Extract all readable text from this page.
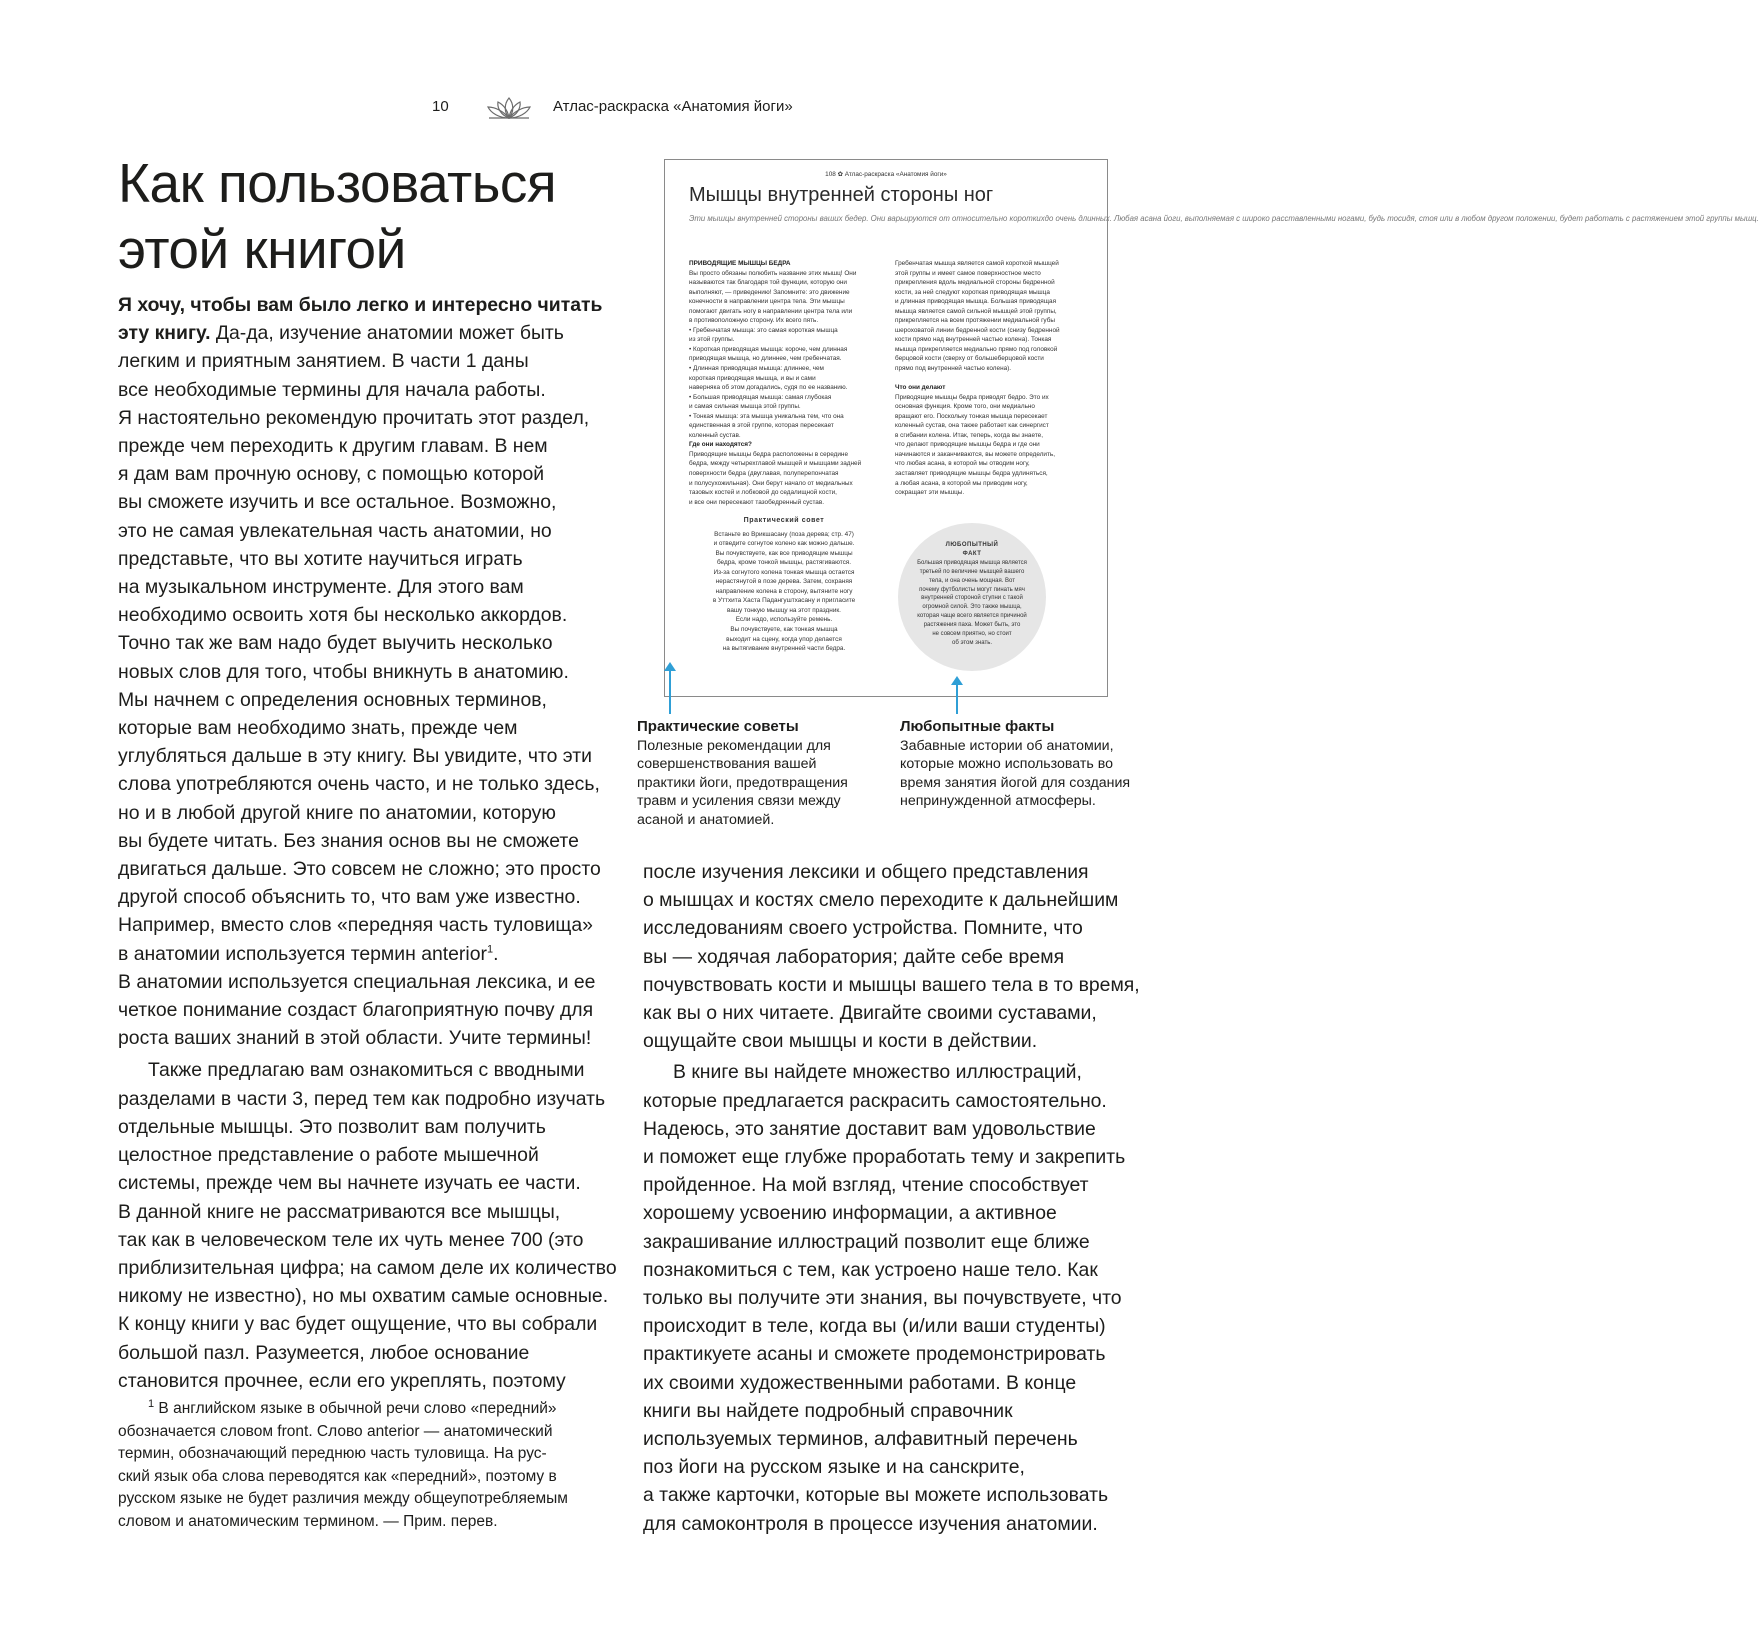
10	Атлас-раскраска «Анатомия йоги»
Как пользоваться
этой книгой

Я хочу, чтобы вам было легко и интересно читать
эту книгу. Да-да, изучение анатомии может быть
легким и приятным занятием. В части 1 даны
все необходимые термины для начала работы.
Я настоятельно рекомендую прочитать этот раздел,
прежде чем переходить к другим главам. В нем
я дам вам прочную основу, с помощью которой
вы сможете изучить и все остальное. Возможно,
это не самая увлекательная часть анатомии, но
представьте, что вы хотите научиться играть
на музыкальном инструменте. Для этого вам
необходимо освоить хотя бы несколько аккордов.
Точно так же вам надо будет выучить несколько
новых слов для того, чтобы вникнуть в анатомию.
Мы начнем с определения основных терминов,
которые вам необходимо знать, прежде чем
углубляться дальше в эту книгу. Вы увидите, что эти
слова употребляются очень часто, и не только здесь,
но и в любой другой книге по анатомии, которую
вы будете читать. Без знания основ вы не сможете
двигаться дальше. Это совсем не сложно; это просто
другой способ объяснить то, что вам уже известно.
Например, вместо слов «передняя часть туловища»
в анатомии используется термин anterior$^1$.
В анатомии используется специальная лексика, и ее
четкое понимание создаст благоприятную почву для
роста ваших знаний в этой области. Учите термины!

Также предлагаю вам ознакомиться с вводными
разделами в части 3, перед тем как подробно изучать
отдельные мышцы. Это позволит вам получить
целостное представление о работе мышечной
системы, прежде чем вы начнете изучать ее части.
В данной книге не рассматриваются все мышцы,
так как в человеческом теле их чуть менее 700 (это
приблизительная цифра; на самом деле их количество
никому не известно), но мы охватим самые основные.
К концу книги у вас будет ощущение, что вы собрали
большой пазл. Разумеется, любое основание
становится прочнее, если его укреплять, поэтому

$^1$ В английском языке в обычной речи слово «передний»
обозначается словом front. Слово anterior — анатомический
термин, обозначающий переднюю часть туловища. На рус-
ский язык оба слова переводятся как «передний», поэтому в
русском языке не будет различия между общеупотребляемым
словом и анатомическим термином. — Прим. перев.
108 ✿ Атлас-раскраска «Анатомия йоги»
Мышцы внутренней стороны ног
Эти мышцы внутренней стороны ваших бедер. Они варьируются от относительно короткихдо очень длинных. Любая асана йоги, выполняемая с широко расставленными ногами, будь тосидя, стоя или в любом другом положении, будет работать с растяжением этой группы мышц.
ПРИВОДЯЩИЕ МЫШЦЫ БЕДРА
Вы просто обязаны полюбить название этих мышц! Они
называются так благодаря той функции, которую они
выполняют, — приведению! Запомните: это движение
конечности в направлении центра тела. Эти мышцы
помогают двигать ногу в направлении центра тела или
в противоположную сторону. Их всего пять.
• Гребенчатая мышца: это самая короткая мышца
из этой группы.
• Короткая приводящая мышца: короче, чем длинная
приводящая мышца, но длиннее, чем гребенчатая.
• Длинная приводящая мышца: длиннее, чем
короткая приводящая мышца, и вы и сами
наверняка об этом догадались, судя по ее названию.
• Большая приводящая мышца: самая глубокая
и самая сильная мышца этой группы.
• Тонкая мышца: эта мышца уникальна тем, что она
единственная в этой группе, которая пересекает
коленный сустав.
Где они находятся?
Приводящие мышцы бедра расположены в середине
бедра, между четырехглавой мышцей и мышцами задней
поверхности бедра (двуглавая, полуперепончатая
и полусухожильная). Они берут начало от медиальных
тазовых костей и лобковой до седалищной кости,
и все они пересекают тазобедренный сустав.
Гребенчатая мышца является самой короткой мышцей
этой группы и имеет самое поверхностное место
прикрепления вдоль медиальной стороны бедренной
кости, за ней следуют короткая приводящая мышца
и длинная приводящая мышца. Большая приводящая
мышца является самой сильной мышцей этой группы,
прикрепляется на всем протяжении медиальной губы
шероховатой линии бедренной кости (снизу бедренной
кости прямо над внутренней частью колена). Тонкая
мышца прикрепляется медиально прямо под головкой
берцовой кости (сверху от большеберцовой кости
прямо под внутренней частью колена).

Что они делают
Приводящие мышцы бедра приводят бедро. Это их
основная функция. Кроме того, они медиально
вращают его. Поскольку тонкая мышца пересекает
коленный сустав, она также работает как синергист
в сгибании колена. Итак, теперь, когда вы знаете,
что делают приводящие мышцы бедра и где они
начинаются и заканчиваются, вы можете определить,
что любая асана, в которой мы отводим ногу,
заставляет приводящие мышцы бедра удлиняться,
а любая асана, в которой мы приводим ногу,
сокращает эти мышцы.
Практический совет
Встаньте во Врикшасану (поза дерева; стр. 47)
и отведите согнутое колено как можно дальше.
Вы почувствуете, как все приводящие мышцы
бедра, кроме тонкой мышцы, растягиваются.
Из-за согнутого колена тонкая мышца остается
нерастянутой в позе дерева. Затем, сохраняя
направление колена в сторону, вытяните ногу
в Уттхита Хаста Падангуштхасану и пригласите
вашу тонкую мышцу на этот праздник.
Если надо, используйте ремень.
Вы почувствуете, как тонкая мышца
выходит на сцену, когда упор делается
на вытягивание внутренней части бедра.
ЛЮБОПЫТНЫЙ
ФАКТ
Большая приводящая мышца является
третьей по величине мышцей вашего
тела, и она очень мощная. Вот
почему футболисты могут пинать мяч
внутренней стороной ступни с такой
огромной силой. Это также мышца,
которая чаще всего является причиной
растяжения паха. Может быть, это
не совсем приятно, но стоит
об этом знать.
Практические советы
Полезные рекомендации для
совершенствования вашей
практики йоги, предотвращения
травм и усиления связи между
асаной и анатомией.
Любопытные факты
Забавные истории об анатомии,
которые можно использовать во
время занятия йогой для создания
непринужденной атмосферы.

после изучения лексики и общего представления
о мышцах и костях смело переходите к дальнейшим
исследованиям своего устройства. Помните, что
вы — ходячая лаборатория; дайте себе время
почувствовать кости и мышцы вашего тела в то время,
как вы о них читаете. Двигайте своими суставами,
ощущайте свои мышцы и кости в действии.

В книге вы найдете множество иллюстраций,
которые предлагается раскрасить самостоятельно.
Надеюсь, это занятие доставит вам удовольствие
и поможет еще глубже проработать тему и закрепить
пройденное. На мой взгляд, чтение способствует
хорошему усвоению информации, а активное
закрашивание иллюстраций позволит еще ближе
познакомиться с тем, как устроено наше тело. Как
только вы получите эти знания, вы почувствуете, что
происходит в теле, когда вы (и/или ваши студенты)
практикуете асаны и сможете продемонстрировать
их своими художественными работами. В конце
книги вы найдете подробный справочник
используемых терминов, алфавитный перечень
поз йоги на русском языке и на санскрите,
а также карточки, которые вы можете использовать
для самоконтроля в процессе изучения анатомии.
